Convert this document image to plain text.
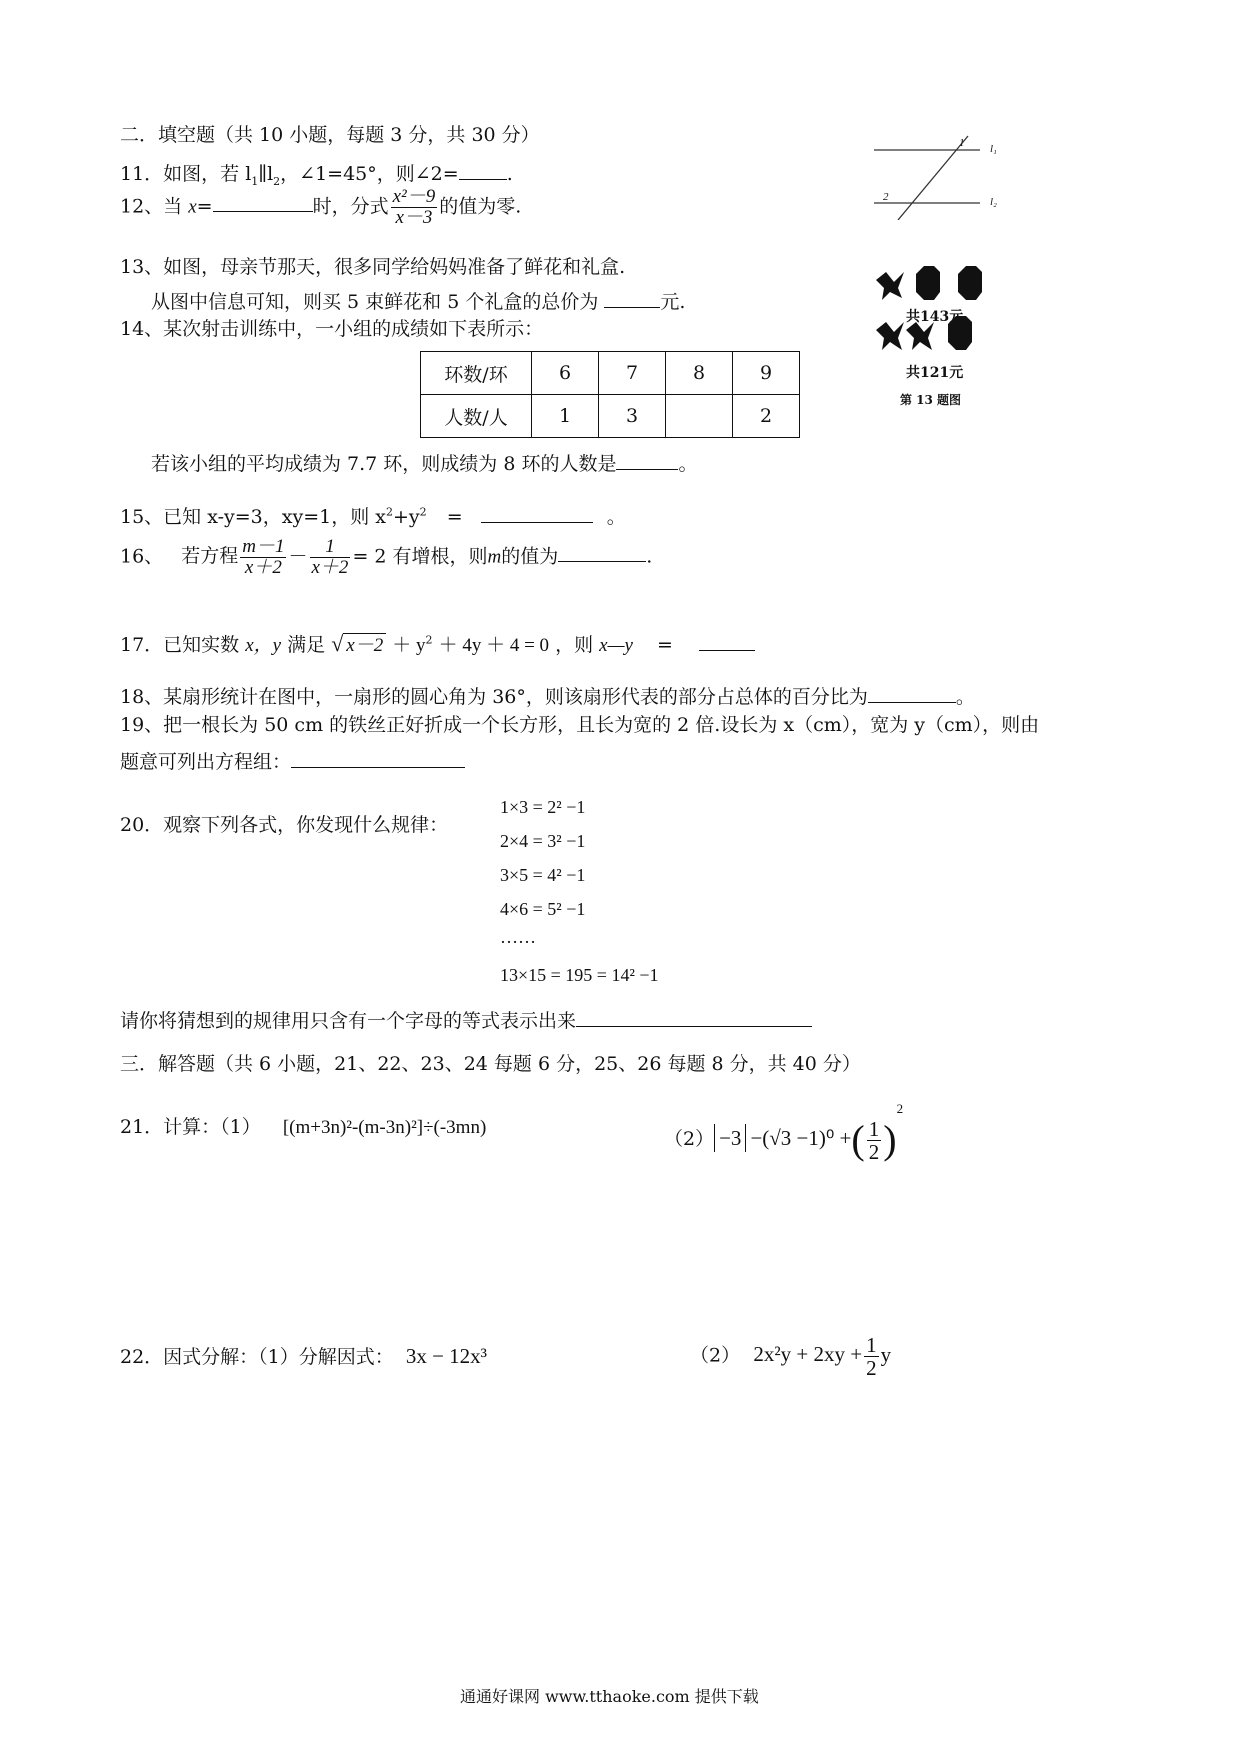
二．填空题（共 10 小题，每题 3 分，共 30 分）
11．如图，若 $l_1\parallel l_2$，∠1=45°，则∠2=	.
12、当 x=	时，分式 $\frac{\text{x²－9}}{x-3}$ 的值为零.
13、如图，母亲节那天，很多同学给妈妈准备了鲜花和礼盒.
从图中信息可知，则买 5 束鲜花和 5 个礼盒的总价为	元.
14、某次射击训练中，一小组的成绩如下表所示：
环数/环	6	7	8	9
人数/人	1	3		2
若该小组的平均成绩为 7.7 环，则成绩为 8 环的人数是	。
15、已知 x-y=3，xy=1，则 $x^2+y^2$ =	。
16、 若方程 $\frac{m-1}{x+2} - \frac{1}{x+2} = 2$ 有增根，则m的值为	.
17．已知实数 x，y 满足 √ $x-2 + y^2 + 4y + 4 = 0$ ，则 x—y =
18、某扇形统计在图中，一扇形的圆心角为 36°，则该扇形代表的部分占总体的百分比为	。
19、把一根长为 50 cm 的铁丝正好折成一个长方形，且长为宽的 2 倍.设长为 x（cm），宽为 y（cm），则由
题意可列出方程组：
20．观察下列各式，你发现什么规律：
1×3 = 2² −1
2×4 = 3² −1
3×5 = 4² −1
4×6 = 5² −1
……
13×15 = 195 = 14² −1
请你将猜想到的规律用只含有一个字母的等式表示出来
三．解答题（共 6 小题，21、22、23、24 每题 6 分，25、26 每题 8 分，共 40 分）
21．计算：（1） [(m+3n)²-(m-3n)²]÷(-3mn)
（2） −3 −(√3 −1)⁰ +( $\frac{1}{2} )^2$
22．因式分解：（1）分解因式： 3x − 12x³	（2） $2x^2y + 2xy + \frac{1}{2}$ y
l₁
l₂
1
2
共143元
共121元
第 13 题图
通通好课网 www.tthaoke.com 提供下载
